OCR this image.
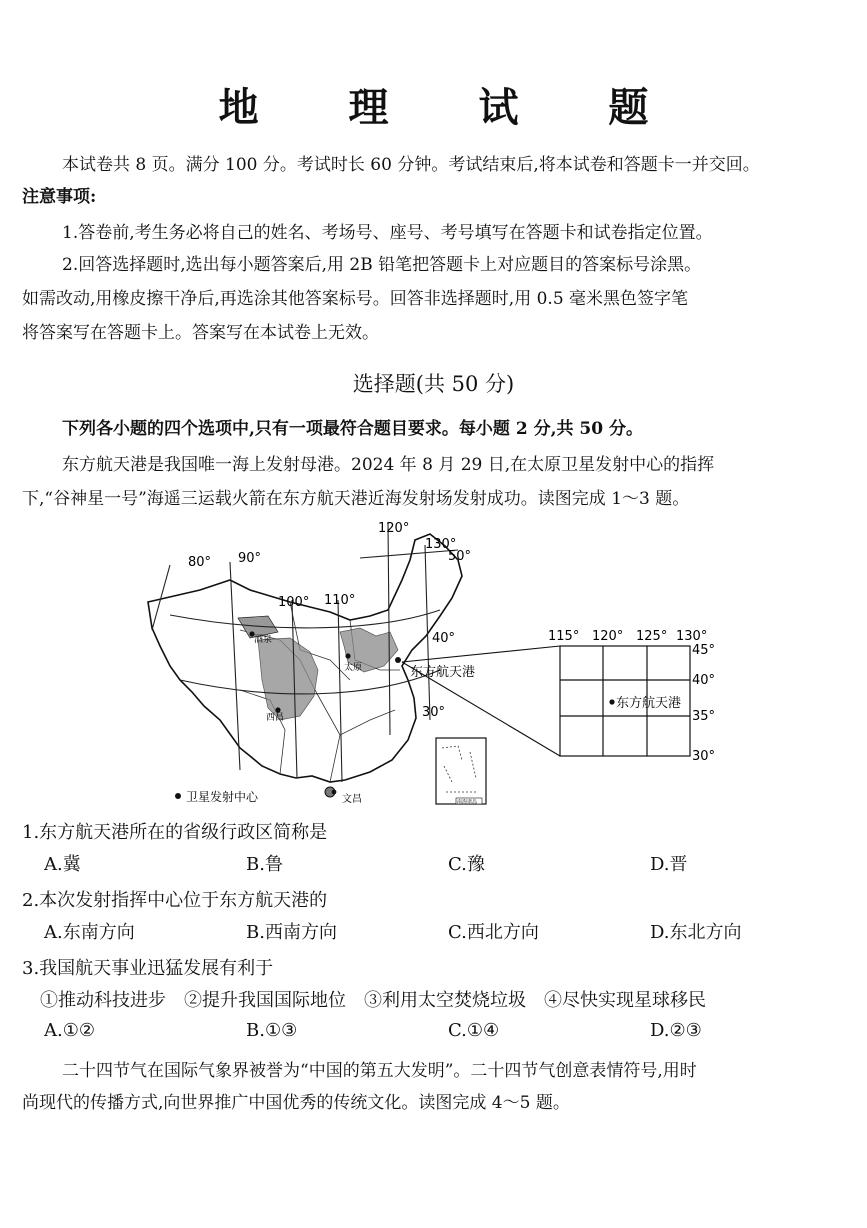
地 理 试 题
本试卷共 8 页。满分 100 分。考试时长 60 分钟。考试结束后,将本试卷和答题卡一并交回。
注意事项:
1.答卷前,考生务必将自己的姓名、考场号、座号、考号填写在答题卡和试卷指定位置。
2.回答选择题时,选出每小题答案后,用 2B 铅笔把答题卡上对应题目的答案标号涂黑。
如需改动,用橡皮擦干净后,再选涂其他答案标号。回答非选择题时,用 0.5 毫米黑色签字笔
将答案写在答题卡上。答案写在本试卷上无效。
选择题(共 50 分)
下列各小题的四个选项中,只有一项最符合题目要求。每小题 2 分,共 50 分。
东方航天港是我国唯一海上发射母港。2024 年 8 月 29 日,在太原卫星发射中心的指挥
下,“谷神星一号”海遥三运载火箭在东方航天港近海发射场发射成功。读图完成 1～3 题。
80° 90°
100° 110°
120°
130°
50°
40°
30°
酒泉
太原
西昌
文昌
东方航天港
卫星发射中心	南海诸岛
115° 120° 125° 130°
45°
40°
35°
30°
东方航天港
1.东方航天港所在的省级行政区简称是
A.冀	B.鲁	C.豫	D.晋
2.本次发射指挥中心位于东方航天港的
A.东南方向	B.西南方向	C.西北方向	D.东北方向
3.我国航天事业迅猛发展有利于
①推动科技进步　②提升我国国际地位　③利用太空焚烧垃圾　④尽快实现星球移民
A.①②	B.①③	C.①④	D.②③
二十四节气在国际气象界被誉为“中国的第五大发明”。二十四节气创意表情符号,用时
尚现代的传播方式,向世界推广中国优秀的传统文化。读图完成 4～5 题。
